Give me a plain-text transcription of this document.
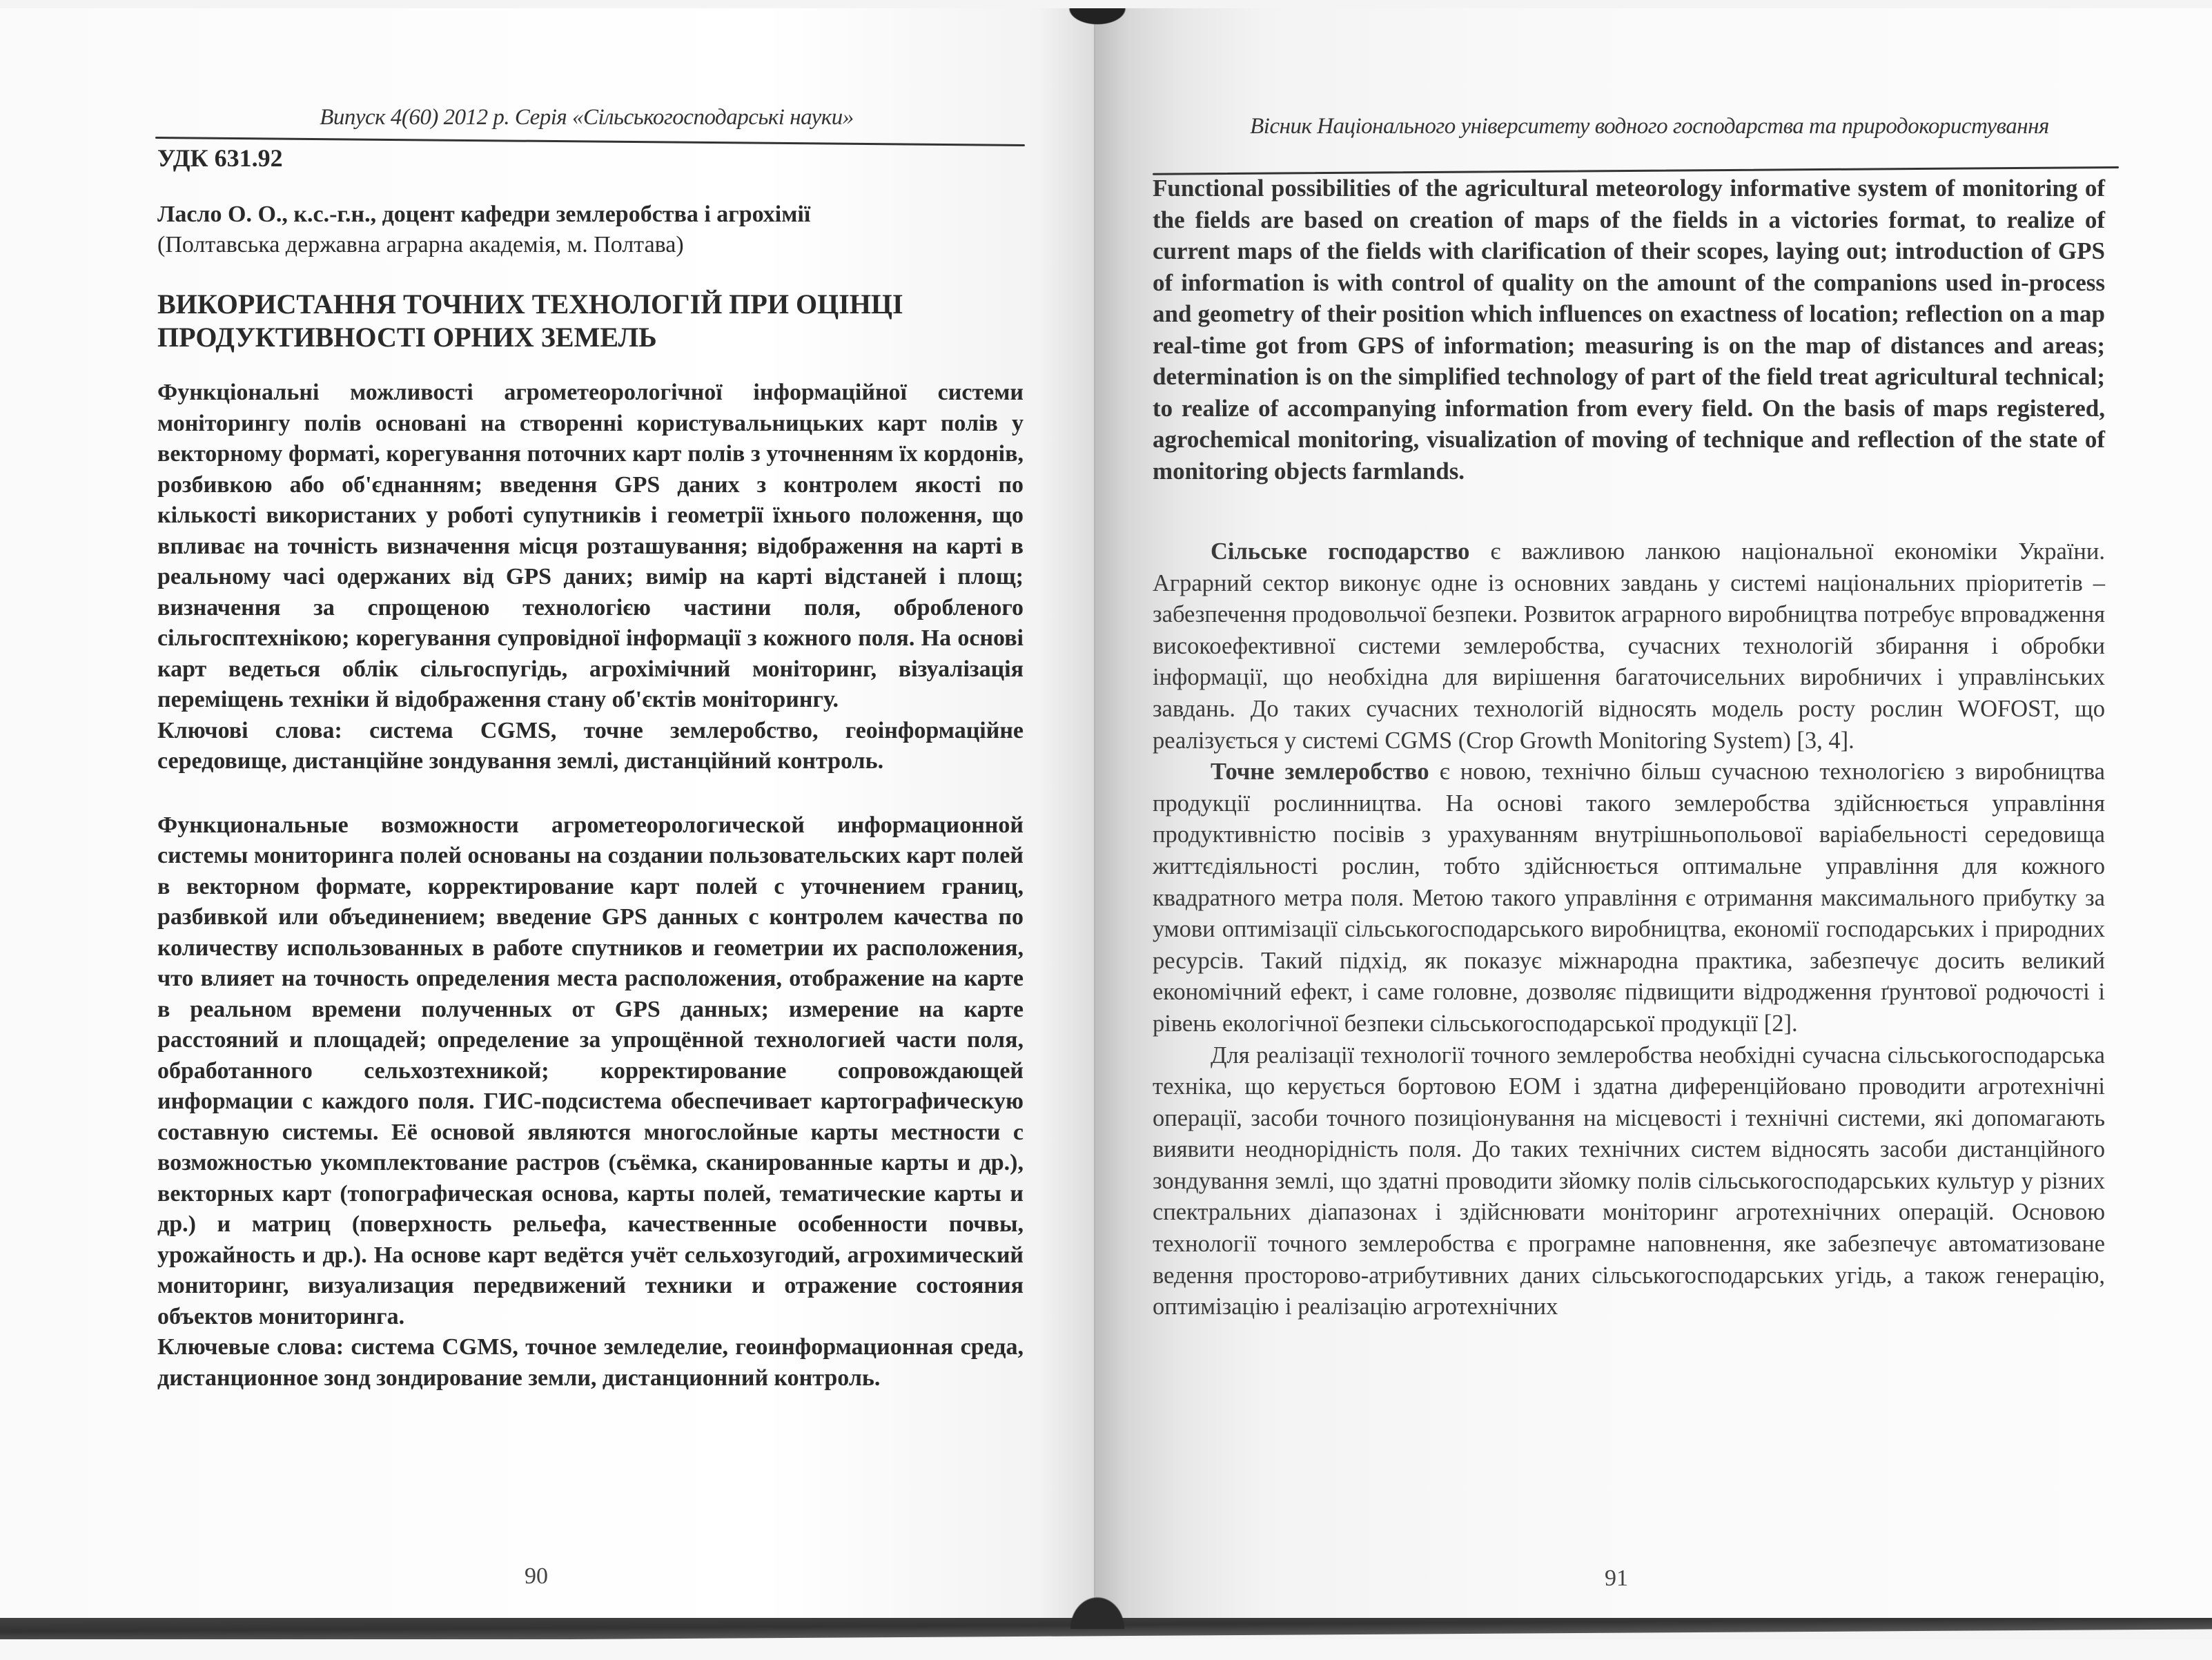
Випуск 4(60) 2012 р. Серія «Сільськогосподарські науки»

УДК 631.92

Ласло О. О., к.с.-г.н., доцент кафедри землеробства і агрохімії

(Полтавська державна аграрна академія, м. Полтава)

ВИКОРИСТАННЯ ТОЧНИХ ТЕХНОЛОГІЙ ПРИ ОЦІНЦІ ПРОДУКТИВНОСТІ ОРНИХ ЗЕМЕЛЬ

Функціональні можливості агрометеорологічної інформаційної системи моніторингу полів основані на створенні користувальницьких карт полів у векторному форматі, корегування поточних карт полів з уточненням їх кордонів, розбивкою або об'єднанням; введення GPS даних з контролем якості по кількості використаних у роботі супутників і геометрії їхнього положення, що впливає на точність визначення місця розташування; відображення на карті в реальному часі одержаних від GPS даних; вимір на карті відстаней і площ; визначення за спрощеною технологією частини поля, обробленого сільгосптехнікою; корегування супровідної інформації з кожного поля. На основі карт ведеться облік сільгоспугідь, агрохімічний моніторинг, візуалізація переміщень техніки й відображення стану об'єктів моніторингу.

Ключові слова: система CGMS, точне землеробство, геоінформаційне середовище, дистанційне зондування землі, дистанційний контроль.

Функциональные возможности агрометеорологической информационной системы мониторинга полей основаны на создании пользовательских карт полей в векторном формате, корректирование карт полей с уточнением границ, разбивкой или объединением; введение GPS данных с контролем качества по количеству использованных в работе спутников и геометрии их расположения, что влияет на точность определения места расположения, отображение на карте в реальном времени полученных от GPS данных; измерение на карте расстояний и площадей; определение за упрощённой технологией части поля, обработанного сельхозтехникой; корректирование сопровождающей информации с каждого поля. ГИС-подсистема обеспечивает картографическую составную системы. Её основой являются многослойные карты местности с возможностью укомплектование растров (съёмка, сканированные карты и др.), векторных карт (топографическая основа, карты полей, тематические карты и др.) и матриц (поверхность рельефа, качественные особенности почвы, урожайность и др.). На основе карт ведётся учёт сельхозугодий, агрохимический мониторинг, визуализация передвижений техники и отражение состояния объектов мониторинга.

Ключевые слова: система CGMS, точное земледелие, геоинформационная среда, дистанционное зонд зондирование земли, дистанционний контроль.

90
Вісник Національного університету водного господарства та природокористування

Functional possibilities of the agricultural meteorology informative system of monitoring of the fields are based on creation of maps of the fields in a victories format, to realize of current maps of the fields with clarification of their scopes, laying out; introduction of GPS of information is with control of quality on the amount of the companions used in-process and geometry of their position which influences on exactness of location; reflection on a map real-time got from GPS of information; measuring is on the map of distances and areas; determination is on the simplified technology of part of the field treat agricultural technical; to realize of accompanying information from every field. On the basis of maps registered, agrochemical monitoring, visualization of moving of technique and reflection of the state of monitoring objects farmlands.

Сільське господарство є важливою ланкою національної економіки України. Аграрний сектор виконує одне із основних завдань у системі національних пріоритетів – забезпечення продовольчої безпеки. Розвиток аграрного виробництва потребує впровадження високоефективної системи землеробства, сучасних технологій збирання і обробки інформації, що необхідна для вирішення багаточисельних виробничих і управлінських завдань. До таких сучасних технологій відносять модель росту рослин WOFOST, що реалізується у системі CGMS (Crop Growth Monitoring System) [3, 4].

Точне землеробство є новою, технічно більш сучасною технологією з виробництва продукції рослинництва. На основі такого землеробства здійснюється управління продуктивністю посівів з урахуванням внутрішньопольової варіабельності середовища життєдіяльності рослин, тобто здійснюється оптимальне управління для кожного квадратного метра поля. Метою такого управління є отримання максимального прибутку за умови оптимізації сільськогосподарського виробництва, економії господарських і природних ресурсів. Такий підхід, як показує міжнародна практика, забезпечує досить великий економічний ефект, і саме головне, дозволяє підвищити відродження ґрунтової родючості і рівень екологічної безпеки сільськогосподарської продукції [2].

Для реалізації технології точного землеробства необхідні сучасна сільськогосподарська техніка, що керується бортовою ЕОМ і здатна диференційовано проводити агротехнічні операції, засоби точного позиціонування на місцевості і технічні системи, які допомагають виявити неоднорідність поля. До таких технічних систем відносять засоби дистанційного зондування землі, що здатні проводити зйомку полів сільськогосподарських культур у різних спектральних діапазонах і здійснювати моніторинг агротехнічних операцій. Основою технології точного землеробства є програмне наповнення, яке забезпечує автоматизоване ведення просторово-атрибутивних даних сільськогосподарських угідь, а також генерацію, оптимізацію і реалізацію агротехнічних

91
